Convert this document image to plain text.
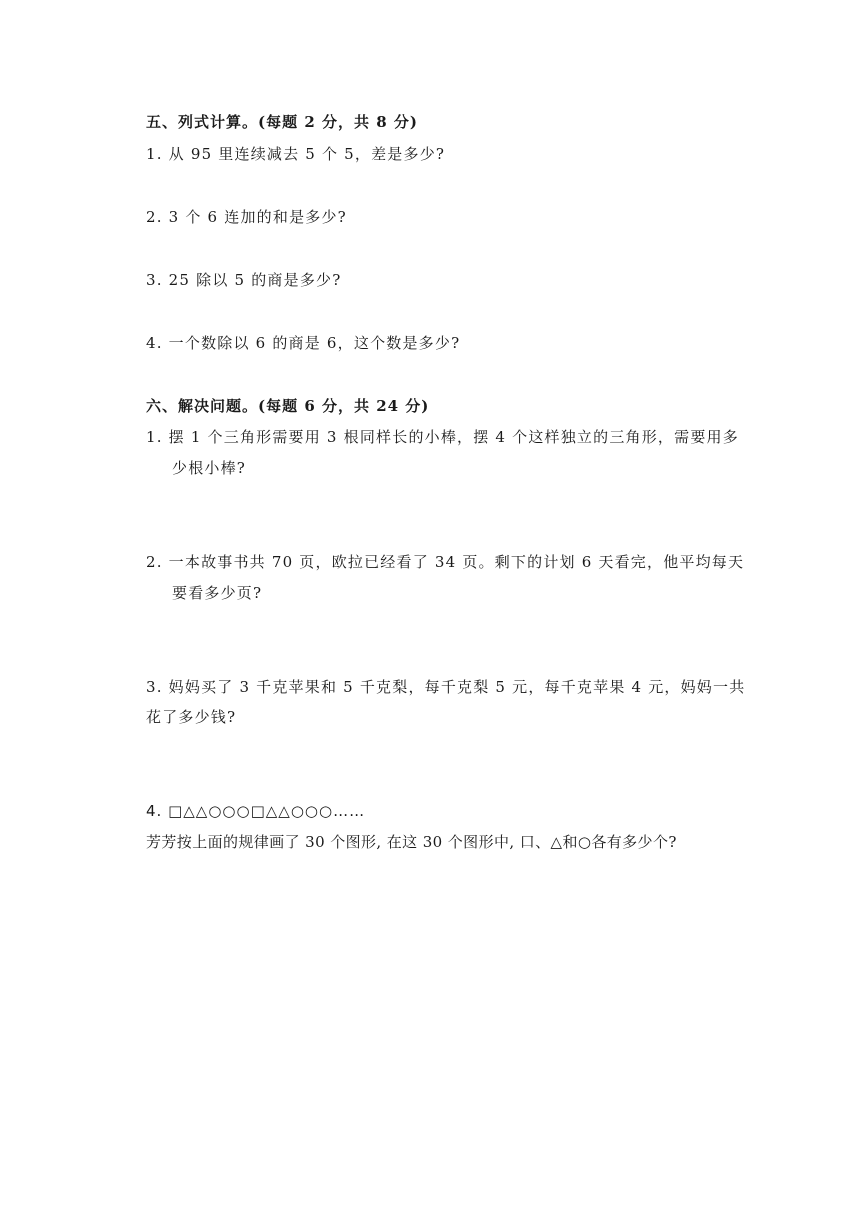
五、列式计算。(每题 2 分，共 8 分)
1. 从 95 里连续减去 5 个 5，差是多少?
2. 3 个 6 连加的和是多少?
3. 25 除以 5 的商是多少?
4. 一个数除以 6 的商是 6，这个数是多少?
六、解决问题。(每题 6 分，共 24 分)
1. 摆 1 个三角形需要用 3 根同样长的小棒，摆 4 个这样独立的三角形，需要用多
少根小棒?
2. 一本故事书共 70 页，欧拉已经看了 34 页。剩下的计划 6 天看完，他平均每天
要看多少页?
3. 妈妈买了 3 千克苹果和 5 千克梨，每千克梨 5 元，每千克苹果 4 元，妈妈一共
花了多少钱?
4. □△△○○○□△△○○○……
芳芳按上面的规律画了 30 个图形, 在这 30 个图形中, 口、△和○各有多少个?
